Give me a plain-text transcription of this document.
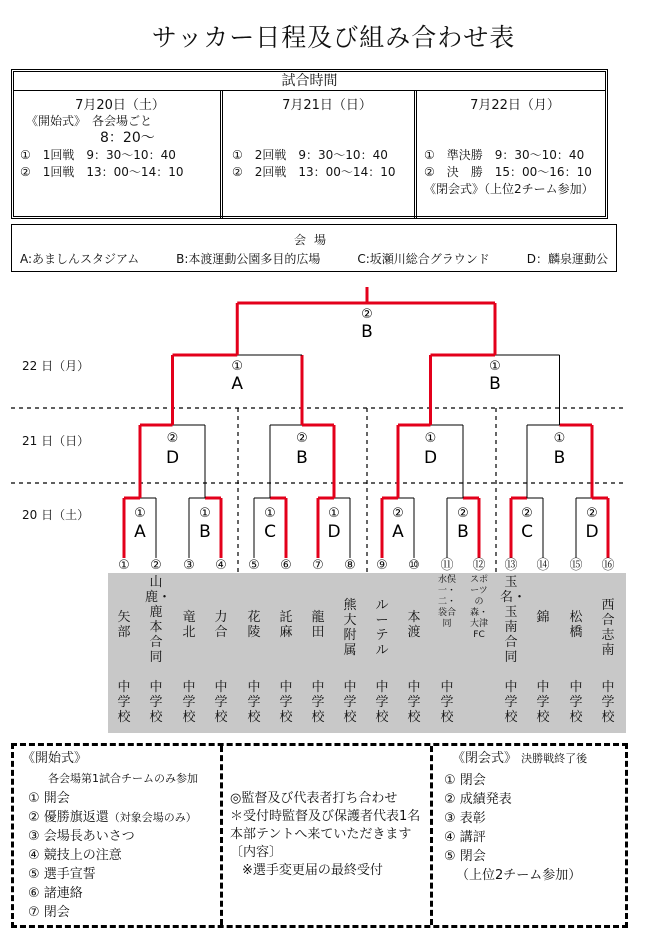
サッカー日程及び組み合わせ表
試合時間
7月20日（土）
《開始式》　各会場ごと
8：20～
①　1回戦　9：30～10：40
②　1回戦　13：00～14：10
7月21日（日）
①　2回戦　9：30～10：40
②　2回戦　13：00～14：10
7月22日（月）
①　準決勝　9：30～10：40
②　決　勝　15：00～16：10
《閉会式》（上位2チーム参加）
会場
A:あましんスタジアム	B:本渡運動公園多目的広場	C:坂瀬川総合グラウンド	D：麟泉運動公
①
A
①
B
①
C
①
D
②
A
②
B
②
C
②
D
②
D
②
B
①
D
①
B
①
A
①
B
②
B
22 日（月）
21 日（日）
20 日（土）
①
矢部
中学校
②
山鹿・鹿本合同
中学校
③
竜北
中学校
④
力合
中学校
⑤
花陵
中学校
⑥
託麻
中学校
⑦
龍田
中学校
⑧
熊大附属
中学校
⑨
ルーテル
中学校
⑩
本渡
中学校
⑪
水俣一・二・袋合同
中学校
⑫
スポーツの森・大津FC
⑬
玉名・玉南合同
中学校
⑭
錦
中学校
⑮
松橋
中学校
⑯
西合志南
中学校
《開始式》
各会場第1試合チームのみ参加
① 開会
② 優勝旗返還（対象会場のみ）
③ 会場長あいさつ
④ 競技上の注意
⑤ 選手宣誓
⑥ 諸連絡
⑦ 閉会
◎監督及び代表者打ち合わせ
＊受付時監督及び保護者代表1名
本部テントへ来ていただきます
〔内容〕
※選手変更届の最終受付
《閉会式》 決勝戦終了後
① 閉会
② 成績発表
③ 表彰
④ 講評
⑤ 閉会
（上位2チーム参加）
